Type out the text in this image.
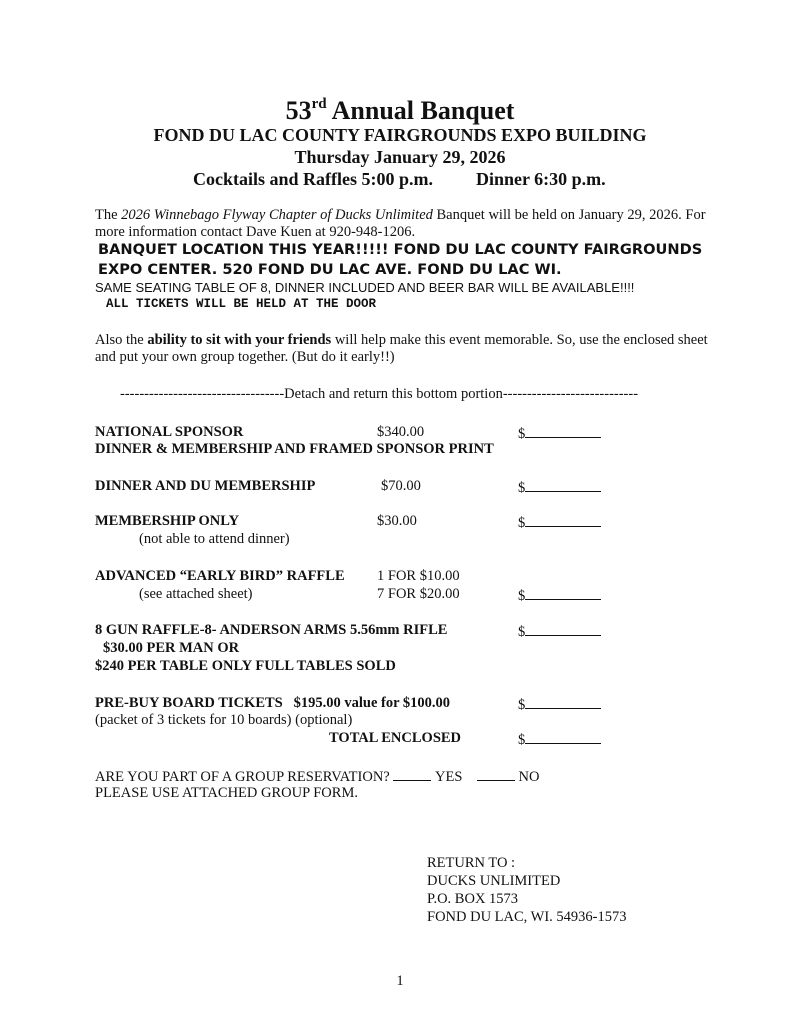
53rd Annual Banquet
FOND DU LAC COUNTY FAIRGROUNDS EXPO BUILDING
Thursday January 29, 2026
Cocktails and Raffles 5:00 p.m. Dinner 6:30 p.m.
The 2026 Winnebago Flyway Chapter of Ducks Unlimited Banquet will be held on January 29, 2026. For more information contact Dave Kuen at 920-948-1206.
BANQUET LOCATION THIS YEAR!!!!! FOND DU LAC COUNTY FAIRGROUNDS EXPO CENTER. 520 FOND DU LAC AVE. FOND DU LAC WI.
SAME SEATING TABLE OF 8, DINNER INCLUDED AND BEER BAR WILL BE AVAILABLE!!!!
ALL TICKETS WILL BE HELD AT THE DOOR
Also the ability to sit with your friends will help make this event memorable. So, use the enclosed sheet and put your own group together. (But do it early!!)
----------------------------------Detach and return this bottom portion----------------------------
NATIONAL SPONSOR	$340.00	$
DINNER & MEMBERSHIP AND FRAMED SPONSOR PRINT
DINNER AND DU MEMBERSHIP	$70.00	$
MEMBERSHIP ONLY	$30.00	$
(not able to attend dinner)
ADVANCED “EARLY BIRD” RAFFLE 1 FOR $10.00
(see attached sheet)	7 FOR $20.00	$
8 GUN RAFFLE-8- ANDERSON ARMS 5.56mm RIFLE	$
$30.00 PER MAN OR
$240 PER TABLE ONLY FULL TABLES SOLD
PRE-BUY BOARD TICKETS   $195.00 value for $100.00	$
(packet of 3 tickets for 10 boards) (optional)
TOTAL ENCLOSED	$
ARE YOU PART OF A GROUP RESERVATION?	YES	NO
PLEASE USE ATTACHED GROUP FORM.
RETURN TO :
DUCKS UNLIMITED
P.O. BOX 1573
FOND DU LAC, WI. 54936-1573
1
